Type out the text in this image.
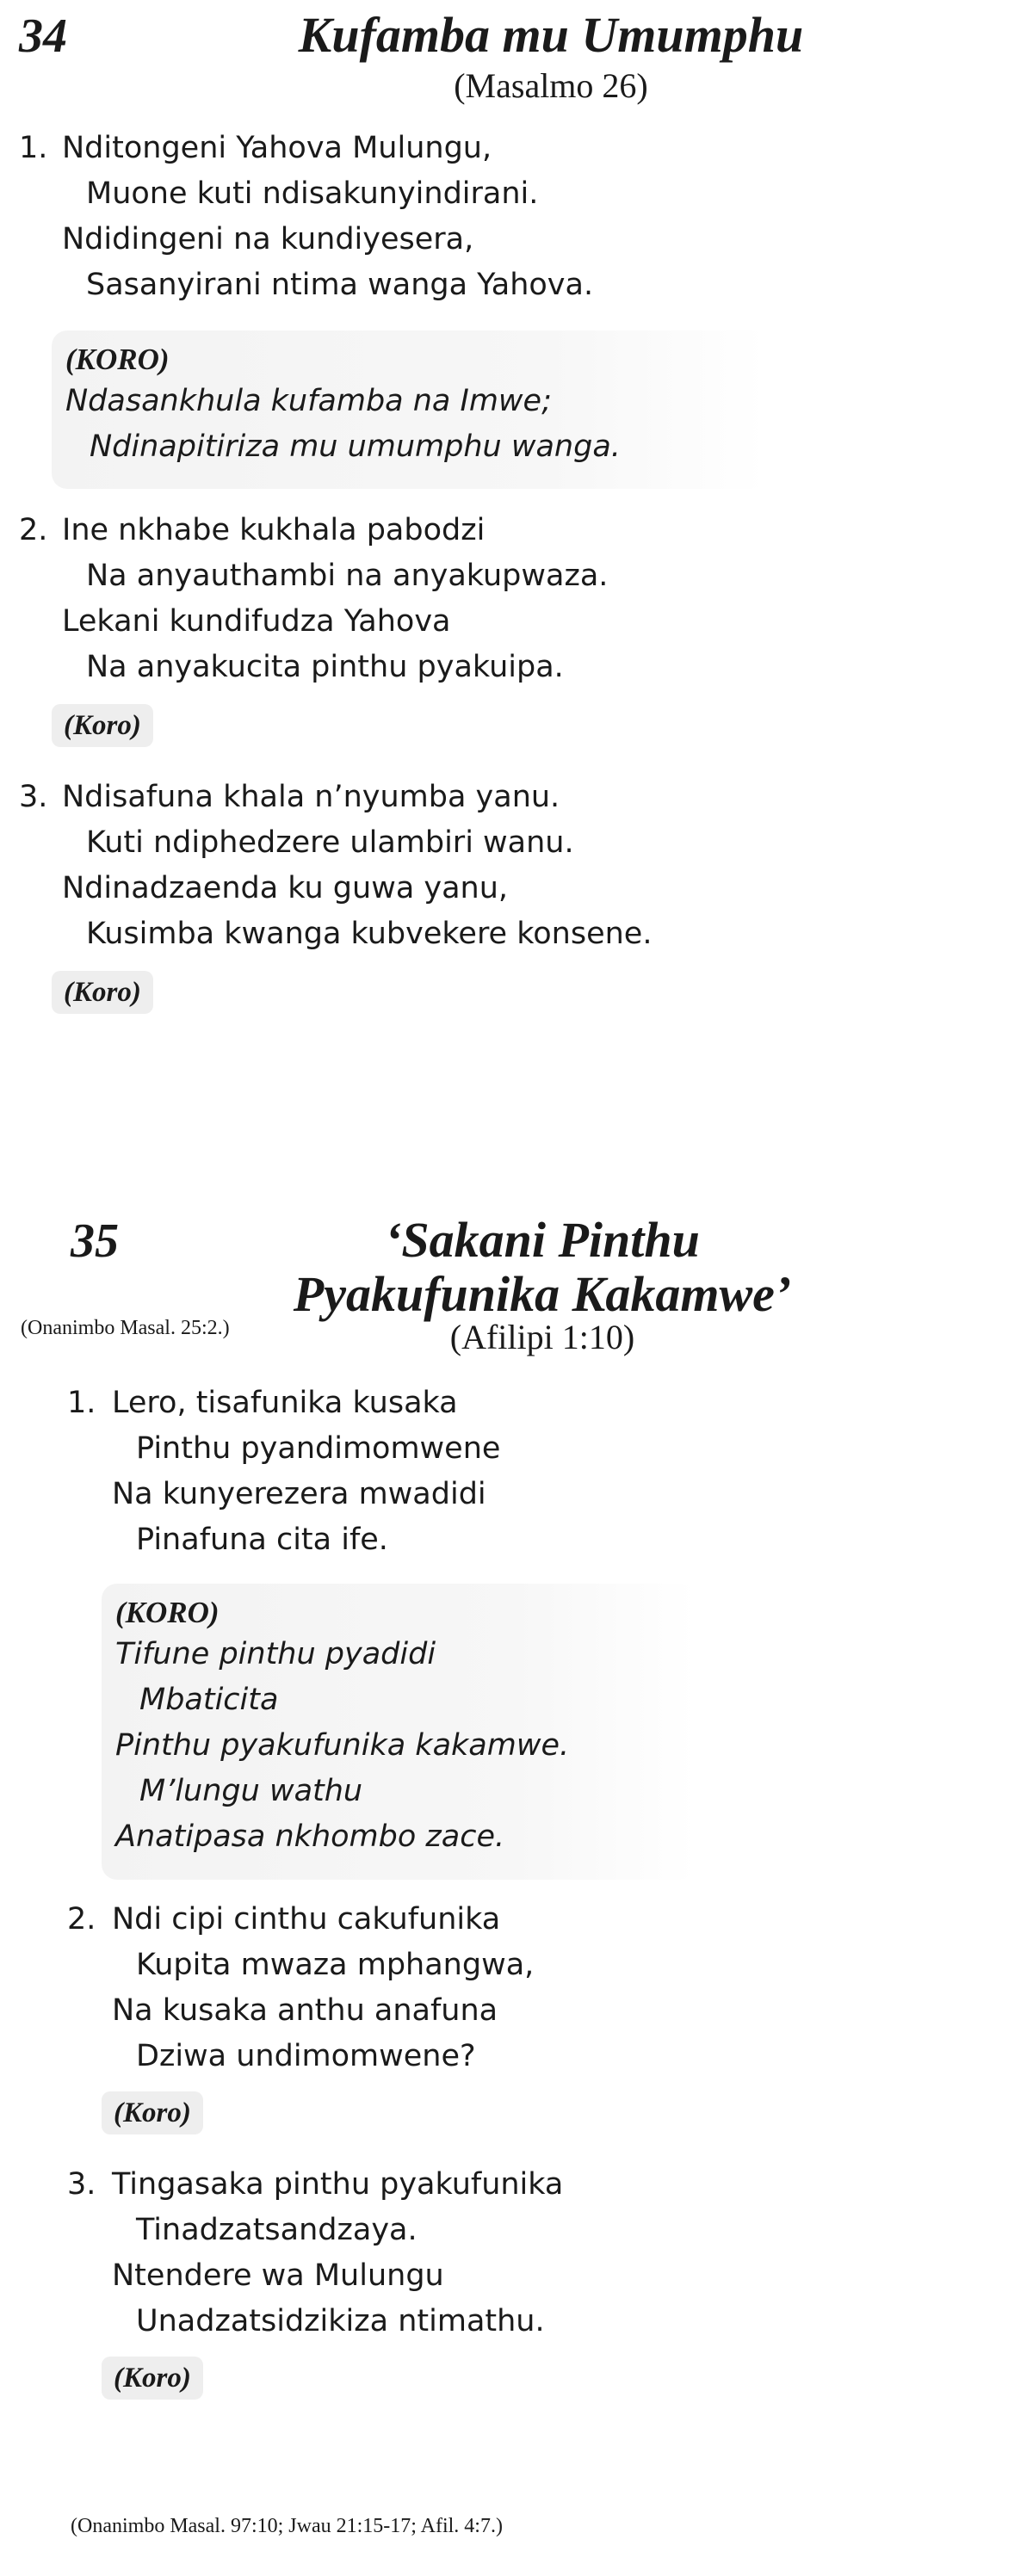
34	Kufamba mu Umumphu
(Masalmo 26)
1. Nditongeni Yahova Mulungu,
Muone kuti ndisakunyindirani.
Ndidingeni na kundiyesera,
Sasanyirani ntima wanga Yahova.
(KORO)
Ndasankhula kufamba na Imwe;
Ndinapitiriza mu umumphu wanga.
2. Ine nkhabe kukhala pabodzi
Na anyauthambi na anyakupwaza.
Lekani kundifudza Yahova
Na anyakucita pinthu pyakuipa.
(Koro)
3. Ndisafuna khala n’nyumba yanu.
Kuti ndiphedzere ulambiri wanu.
Ndinadzaenda ku guwa yanu,
Kusimba kwanga kubvekere konsene.
(Koro)
35	‘Sakani Pinthu
Pyakufunika Kakamwe’
(Onanimbo Masal. 25:2.)	(Afilipi 1:10)
1. Lero, tisafunika kusaka
Pinthu pyandimomwene
Na kunyerezera mwadidi
Pinafuna cita ife.
(KORO)
Tifune pinthu pyadidi
Mbaticita
Pinthu pyakufunika kakamwe.
M’lungu wathu
Anatipasa nkhombo zace.
2. Ndi cipi cinthu cakufunika
Kupita mwaza mphangwa,
Na kusaka anthu anafuna
Dziwa undimomwene?
(Koro)
3. Tingasaka pinthu pyakufunika
Tinadzatsandzaya.
Ntendere wa Mulungu
Unadzatsidzikiza ntimathu.
(Koro)
(Onanimbo Masal. 97:10; Jwau 21:15-17; Afil. 4:7.)
